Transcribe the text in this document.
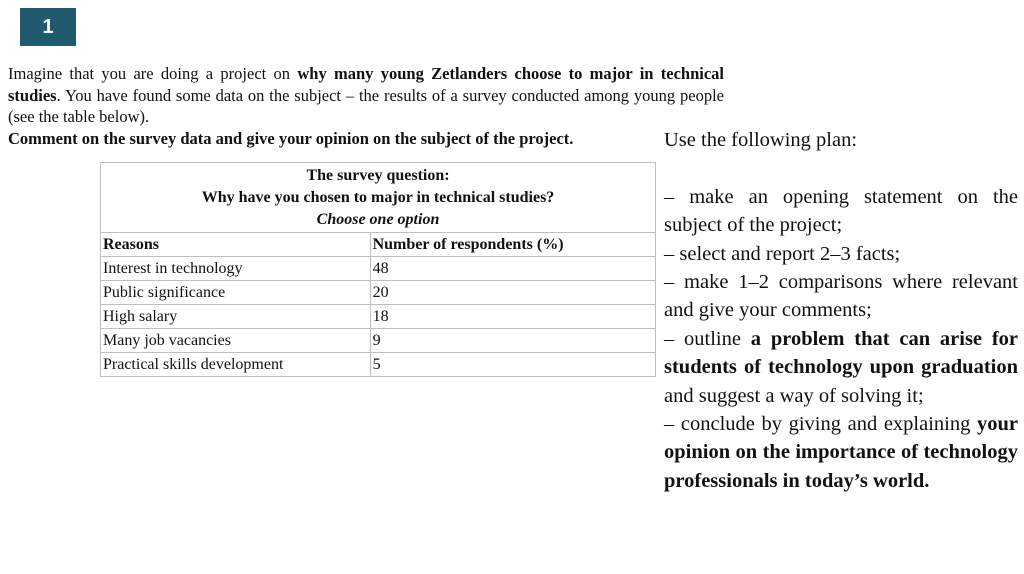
1

Imagine that you are doing a project on why many young Zetlanders choose to major in technical studies. You have found some data on the subject – the results of a survey conducted among young people (see the table below).

Comment on the survey data and give your opinion on the subject of the project.

The survey question:
Why have you chosen to major in technical studies?
Choose one option	

Reasons	Number of respondents (%)
Interest in technology	48
Public significance	20
High salary	18
Many job vacancies	9
Practical skills development	5

Use the following plan:

– make an opening statement on the subject of the project;

– select and report 2–3 facts;

– make 1–2 comparisons where relevant and give your comments;

– outline a problem that can arise for students of technology upon graduation and suggest a way of solving it;

– conclude by giving and explaining your opinion on the importance of technology professionals in today’s world.
